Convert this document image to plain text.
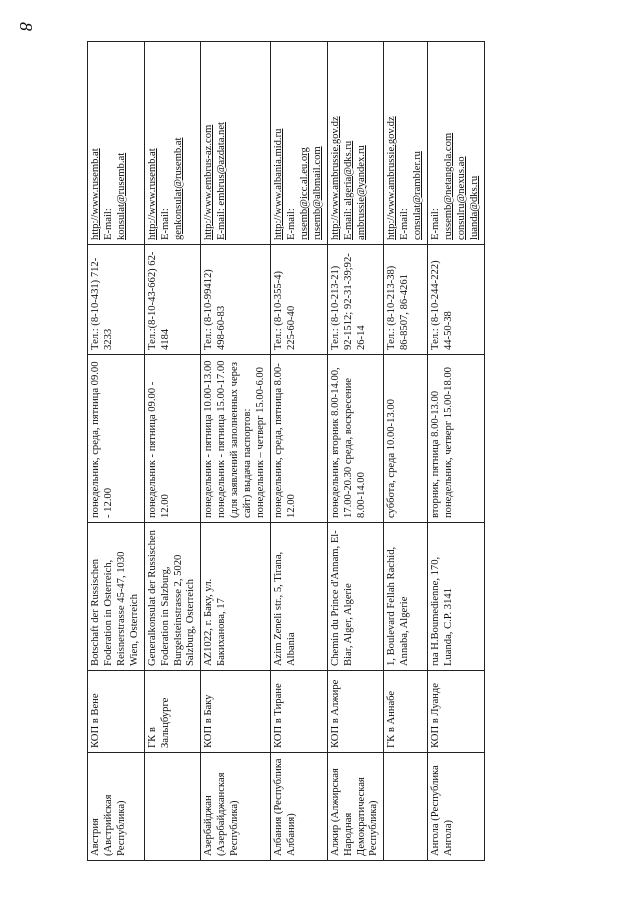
8
Австрия (Австрийская Республика)	КОП в Вене	Botschaft der Russischen Foderation in Osterreich, Reisnerstrasse 45-47, 1030 Wien, Osterreich	понедельник, среда, пятница 09.00 - 12.00	Тел.: (8-10-431) 712-3233	http://www.rusemb.at E-mail: konsulat@rusemb.at

	ГК в Зальцбурге	Generalkonsulat der Russischen Foderation in Salzburg, Burgelsteinstrasse 2, 5020 Salzburg, Osterreich	понедельник - пятница 09.00 - 12.00	Тел.:(8-10-43-662) 62-4184	http://www.rusemb.at E-mail: genkonsulat@rusemb.at

Азербайджан (Азербайджанская Республика)	КОП в Баку	AZ1022, г. Баку, ул. Бакиханова, 17	понедельник - пятница 10.00-13.00 понедельник - пятница 15.00-17.00 (для заявлений заполненных через сайт) выдача паспортов: понедельник – четверг 15.00-6.00	Тел.: (8-10-99412) 498-60-83	http://www.embrus-az.com E-mail: embrus@azdata.net

Албания (Республика Албания)	КОП в Тиране	Azim Zeneli str., 5, Tirana, Albania	понедельник, среда, пятница 8.00-12.00	Тел.: (8-10-355-4) 225-60-40	http://www.albania.mid.ru E-mail: rusemb@icc.al.eu.org rusemb@albmail.com

Алжир (Алжирская Народная Демократическая Республика)	КОП в Алжире	Chemin du Prince d'Annam, El-Biar, Alger, Algerie	понедельник, вторник 8.00-14.00, 17.00-20.30 среда, воскресение 8.00-14.00	Тел.: (8-10-213-21) 92-1512; 92-31-39;92-26-14	http://www.ambrussie.gov.dz E-mail: algeria@dks.ru ambrussie@yandex.ru

	ГК в Аннабе	1, Boulevard Fellah Rachid, Annaba, Algerie	суббота, среда 10.00-13.00	Тел.: (8-10-213-38) 86-8507, 86-4261	http://www.ambrussie.gov.dz E-mail: consulat@rambler.ru

Ангола (Республика Ангола)	КОП в Луанде	rua H.Boumedienne, 170, Luanda, C.P. 3141	вторник, пятница 8.00-13.00 понедельник, четверг 15.00-18.00	Тел.: (8-10-244-222) 44-50-38	E-mail: russemb@netangola.com consulru@nexus.ao luanda@dks.ru
